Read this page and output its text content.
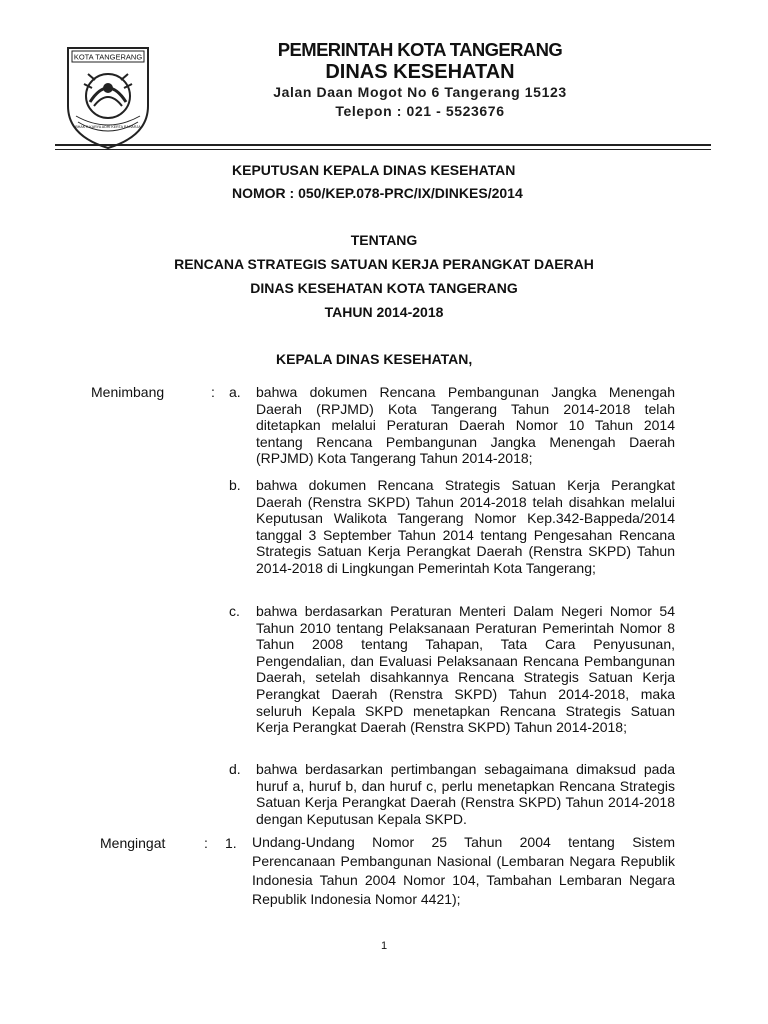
KOTA TANGERANG
BHAKTI KARYA ADHI KERTA RAHARJA
PEMERINTAH KOTA TANGERANG
DINAS KESEHATAN
Jalan Daan Mogot No 6 Tangerang 15123
Telepon : 021 - 5523676
KEPUTUSAN KEPALA DINAS KESEHATAN
NOMOR : 050/KEP.078-PRC/IX/DINKES/2014
TENTANG
RENCANA STRATEGIS SATUAN KERJA PERANGKAT DAERAH
DINAS KESEHATAN KOTA TANGERANG
TAHUN 2014-2018
KEPALA DINAS KESEHATAN,
Menimbang	: a. bahwa dokumen Rencana Pembangunan Jangka Menengah Daerah (RPJMD) Kota Tangerang Tahun 2014-2018 telah ditetapkan melalui Peraturan Daerah Nomor 10 Tahun 2014 tentang Rencana Pembangunan Jangka Menengah Daerah (RPJMD) Kota Tangerang Tahun 2014-2018;
b. bahwa dokumen Rencana Strategis Satuan Kerja Perangkat Daerah (Renstra SKPD) Tahun 2014-2018 telah disahkan melalui Keputusan Walikota Tangerang Nomor Kep.342-Bappeda/2014 tanggal 3 September Tahun 2014 tentang Pengesahan Rencana Strategis Satuan Kerja Perangkat Daerah (Renstra SKPD) Tahun 2014-2018 di Lingkungan Pemerintah Kota Tangerang;
c. bahwa berdasarkan Peraturan Menteri Dalam Negeri Nomor 54 Tahun 2010 tentang Pelaksanaan Peraturan Pemerintah Nomor 8 Tahun 2008 tentang Tahapan, Tata Cara Penyusunan, Pengendalian, dan Evaluasi Pelaksanaan Rencana Pembangunan Daerah, setelah disahkannya Rencana Strategis Satuan Kerja Perangkat Daerah (Renstra SKPD) Tahun 2014-2018, maka seluruh Kepala SKPD menetapkan Rencana Strategis Satuan Kerja Perangkat Daerah (Renstra SKPD) Tahun 2014-2018;
d. bahwa berdasarkan pertimbangan sebagaimana dimaksud pada huruf a, huruf b, dan huruf c, perlu menetapkan Rencana Strategis Satuan Kerja Perangkat Daerah (Renstra SKPD) Tahun 2014-2018 dengan Keputusan Kepala SKPD.
Mengingat	: 1. Undang-Undang Nomor 25 Tahun 2004 tentang Sistem Perencanaan Pembangunan Nasional (Lembaran Negara Republik Indonesia Tahun 2004 Nomor 104, Tambahan Lembaran Negara Republik Indonesia Nomor 4421);
1
